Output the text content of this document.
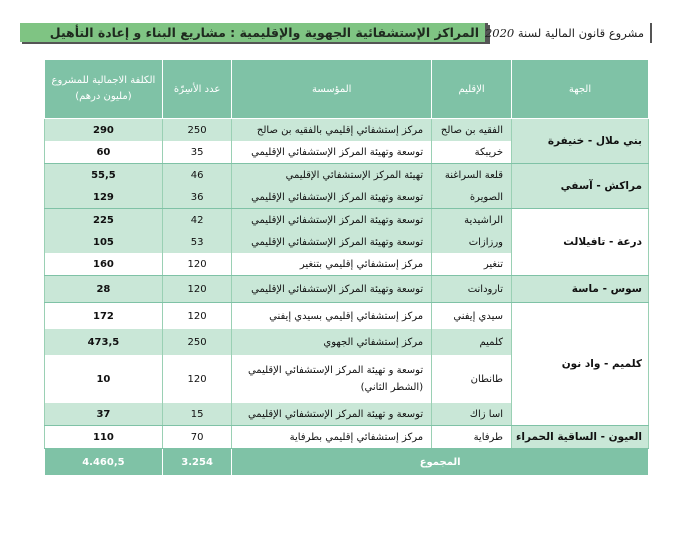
المراكز الإستشفائية الجهوية والإقليمية : مشاريع البناء و إعادة التأهيل	مشروع قانون المالية لسنة 2020
الجهة	الإقليم	المؤسسة	عدد الأسِرّة	الكلفة الاجمالية للمشروع (مليون درهم)
بني ملال - خنيفرة	الفقيه بن صالح	مركز إستشفائي إقليمي بالفقيه بن صالح	250	290
	خريبكة	توسعة وتهيئة المركز الإستشفائي الإقليمي	35	60
مراكش - آسفي	قلعة السراغنة	تهيئة المركز الإستشفائي الإقليمي	46	55,5
	الصويرة	توسعة وتهيئة المركز الإستشفائي الإقليمي	36	129
درعة - تافيلالت	الراشيدية	توسعة وتهيئة المركز الإستشفائي الإقليمي	42	225
	ورزازات	توسعة وتهيئة المركز الإستشفائي الإقليمي	53	105
	تنغير	مركز إستشفائي إقليمي بتنغير	120	160
سوس - ماسة	تارودانت	توسعة وتهيئة المركز الإستشفائي الإقليمي	120	28
كلميم - واد نون	سيدي إيفني	مركز إستشفائي إقليمي بسيدي إيفني	120	172
	كلميم	مركز إستشفائي الجهوي	250	473,5
	طانطان	توسعة و تهيئة المركز الإستشفائي الإقليمي (الشطر الثاني)	120	10
	اسا زاك	توسعة و تهيئة المركز الإستشفائي الإقليمي	15	37
العيون - الساقية الحمراء	طرفاية	مركز إستشفائي إقليمي بطرفاية	70	110
المجموع			3.254	4.460,5
